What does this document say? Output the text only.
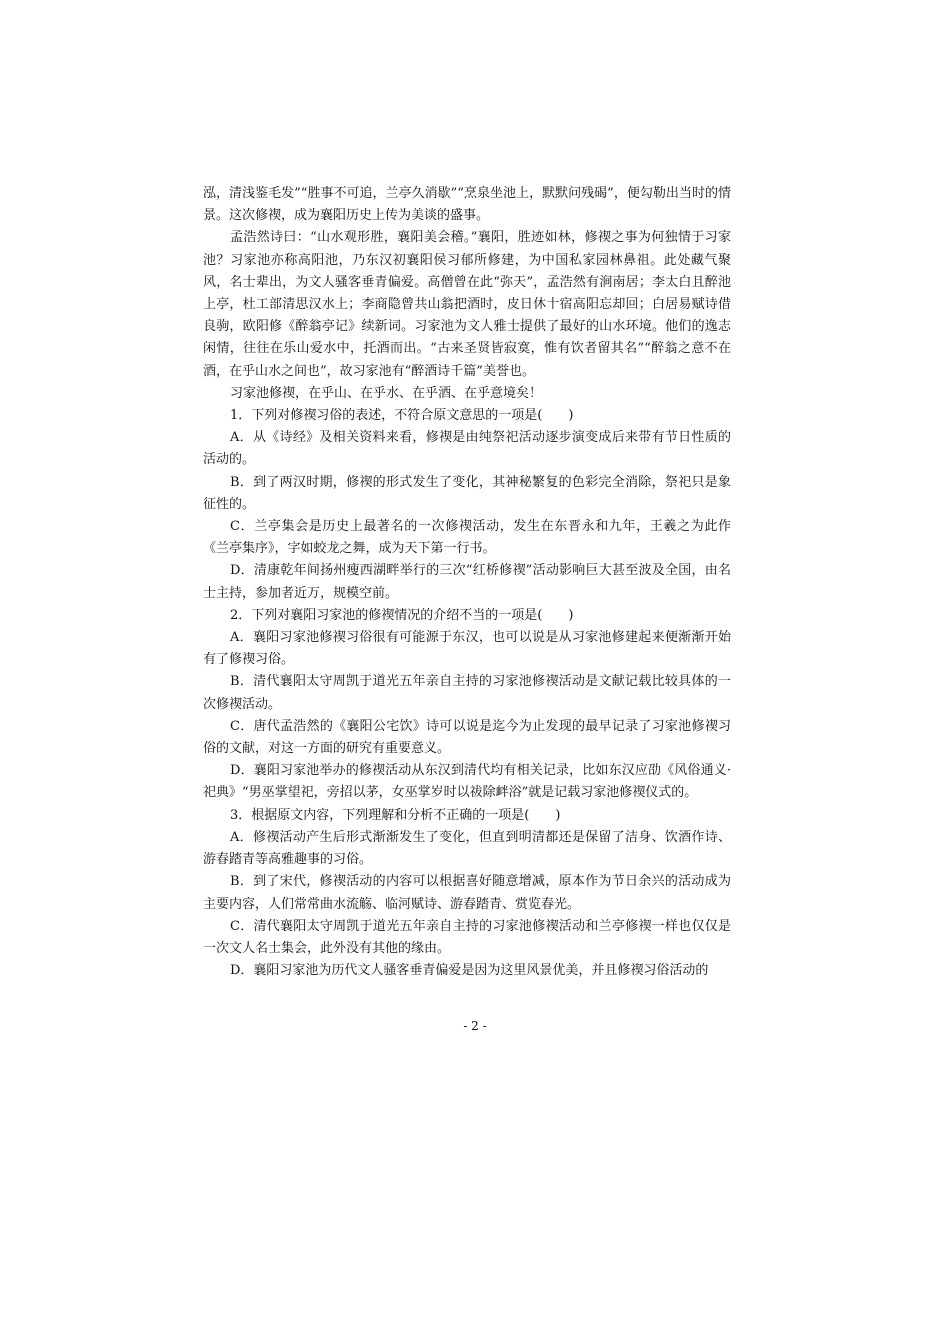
泓，清浅鉴毛发”“胜事不可追，兰亭久消歇”“烹泉坐池上，默默问残碣”，便勾勒出当时的情景。这次修禊，成为襄阳历史上传为美谈的盛事。

孟浩然诗曰：“山水观形胜，襄阳美会稽。”襄阳，胜迹如林，修禊之事为何独情于习家池？习家池亦称高阳池，乃东汉初襄阳侯习郁所修建，为中国私家园林鼻祖。此处藏气聚风，名士辈出，为文人骚客垂青偏爱。高僧曾在此“弥天”，孟浩然有涧南居；李太白且醉池上亭，杜工部清思汉水上；李商隐曾共山翁把酒时，皮日休十宿高阳忘却回；白居易赋诗借良驹，欧阳修《醉翁亭记》续新词。习家池为文人雅士提供了最好的山水环境。他们的逸志闲情，往往在乐山爱水中，托酒而出。“古来圣贤皆寂寞，惟有饮者留其名”“醉翁之意不在酒，在乎山水之间也”，故习家池有“醉酒诗千篇”美誉也。

习家池修禊，在乎山、在乎水、在乎酒、在乎意境矣！

1．下列对修禊习俗的表述，不符合原文意思的一项是(　　)

A．从《诗经》及相关资料来看，修禊是由纯祭祀活动逐步演变成后来带有节日性质的活动的。

B．到了两汉时期，修禊的形式发生了变化，其神秘繁复的色彩完全消除，祭祀只是象征性的。

C．兰亭集会是历史上最著名的一次修禊活动，发生在东晋永和九年，王羲之为此作《兰亭集序》，字如蛟龙之舞，成为天下第一行书。

D．清康乾年间扬州瘦西湖畔举行的三次“红桥修禊”活动影响巨大甚至波及全国，由名士主持，参加者近万，规模空前。

2．下列对襄阳习家池的修禊情况的介绍不当的一项是(　　)

A．襄阳习家池修禊习俗很有可能源于东汉，也可以说是从习家池修建起来便渐渐开始有了修禊习俗。

B．清代襄阳太守周凯于道光五年亲自主持的习家池修禊活动是文献记载比较具体的一次修禊活动。

C．唐代孟浩然的《襄阳公宅饮》诗可以说是迄今为止发现的最早记录了习家池修禊习俗的文献，对这一方面的研究有重要意义。

D．襄阳习家池举办的修禊活动从东汉到清代均有相关记录，比如东汉应劭《风俗通义·祀典》“男巫掌望祀，旁招以茅，女巫掌岁时以祓除衅浴”就是记载习家池修禊仪式的。

3．根据原文内容，下列理解和分析不正确的一项是(　　)

A．修禊活动产生后形式渐渐发生了变化，但直到明清都还是保留了洁身、饮酒作诗、游春踏青等高雅趣事的习俗。

B．到了宋代，修禊活动的内容可以根据喜好随意增减，原本作为节日余兴的活动成为主要内容，人们常常曲水流觞、临河赋诗、游春踏青、赏览春光。

C．清代襄阳太守周凯于道光五年亲自主持的习家池修禊活动和兰亭修禊一样也仅仅是一次文人名士集会，此外没有其他的缘由。

D．襄阳习家池为历代文人骚客垂青偏爱是因为这里风景优美，并且修禊习俗活动的

- 2 -
